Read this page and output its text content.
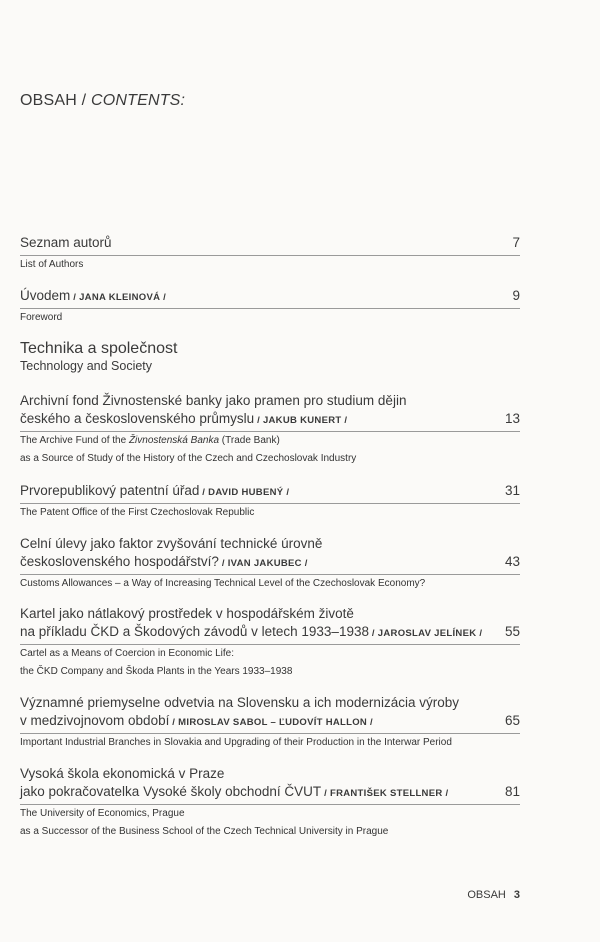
OBSAH / CONTENTS:
Seznam autorů	7
List of Authors
Úvodem / JANA KLEINOVÁ /	9
Foreword
Technika a společnost
Technology and Society
Archivní fond Živnostenské banky jako pramen pro studium dějin
českého a československého průmyslu / JAKUB KUNERT /	13
The Archive Fund of the Živnostenská Banka (Trade Bank)
as a Source of Study of the History of the Czech and Czechoslovak Industry
Prvorepublikový patentní úřad / DAVID HUBENÝ /	31
The Patent Office of the First Czechoslovak Republic
Celní úlevy jako faktor zvyšování technické úrovně
československého hospodářství? / IVAN JAKUBEC /	43
Customs Allowances – a Way of Increasing Technical Level of the Czechoslovak Economy?
Kartel jako nátlakový prostředek v hospodářském životě
na příkladu ČKD a Škodových závodů v letech 1933–1938 / JAROSLAV JELÍNEK / 55
Cartel as a Means of Coercion in Economic Life:
the ČKD Company and Škoda Plants in the Years 1933–1938
Významné priemyselne odvetvia na Slovensku a ich modernizácia výroby
v medzivojnovom období / MIROSLAV SABOL – ĽUDOVÍT HALLON /	65
Important Industrial Branches in Slovakia and Upgrading of their Production in the Interwar Period
Vysoká škola ekonomická v Praze
jako pokračovatelka Vysoké školy obchodní ČVUT / FRANTIŠEK STELLNER /	81
The University of Economics, Prague
as a Successor of the Business School of the Czech Technical University in Prague
OBSAH 3
